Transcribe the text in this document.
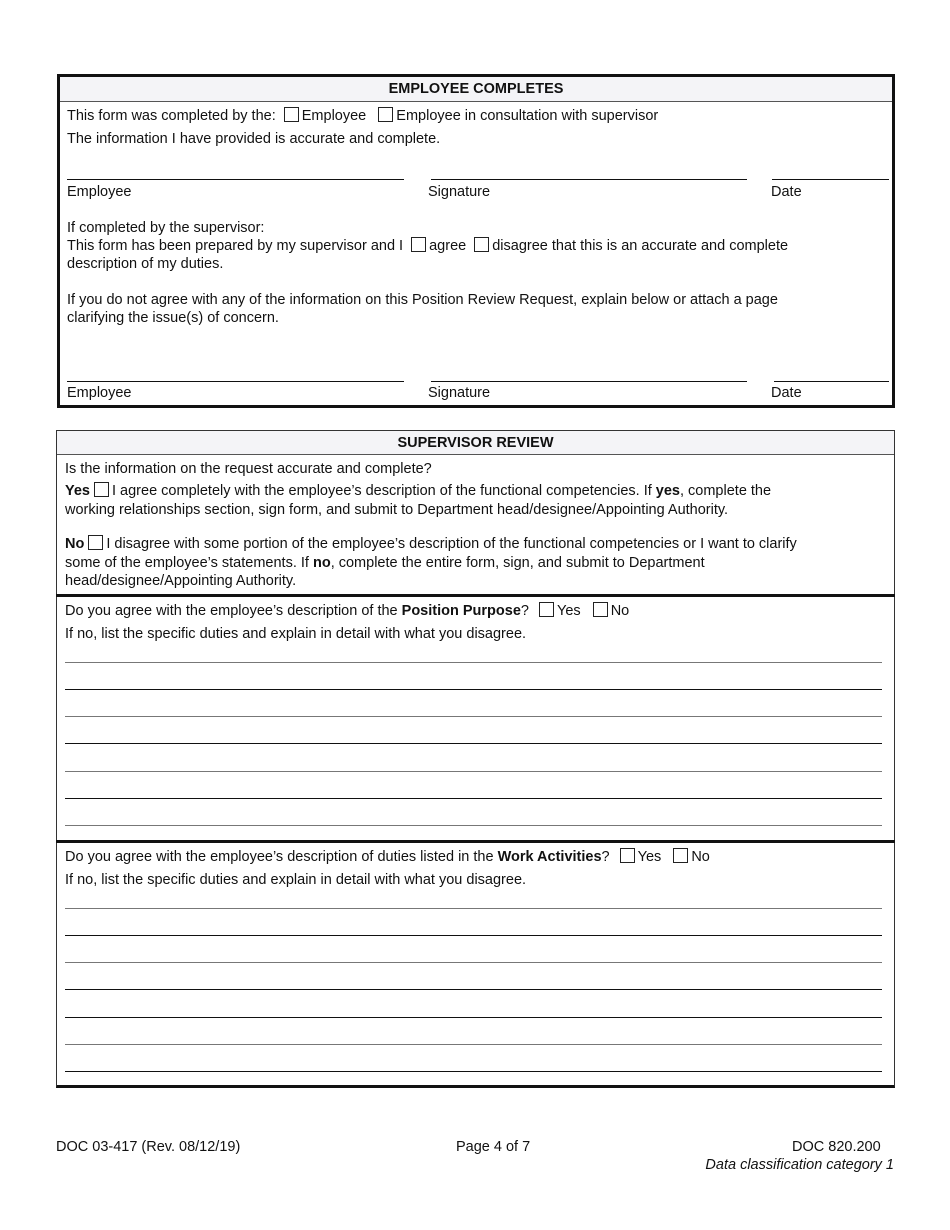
EMPLOYEE COMPLETES
This form was completed by the: Employee Employee in consultation with supervisor
The information I have provided is accurate and complete.
Employee	Signature	Date
If completed by the supervisor:
This form has been prepared by my supervisor and I agree disagree that this is an accurate and complete
description of my duties.
If you do not agree with any of the information on this Position Review Request, explain below or attach a page
clarifying the issue(s) of concern.
Employee	Signature	Date
SUPERVISOR REVIEW
Is the information on the request accurate and complete?
Yes I agree completely with the employee’s description of the functional competencies. If yes, complete the
working relationships section, sign form, and submit to Department head/designee/Appointing Authority.
No I disagree with some portion of the employee’s description of the functional competencies or I want to clarify
some of the employee’s statements. If no, complete the entire form, sign, and submit to Department
head/designee/Appointing Authority.
Do you agree with the employee’s description of the Position Purpose? Yes No
If no, list the specific duties and explain in detail with what you disagree.
Do you agree with the employee’s description of duties listed in the Work Activities? Yes No
If no, list the specific duties and explain in detail with what you disagree.
DOC 03-417 (Rev. 08/12/19)	Page 4 of 7	DOC 820.200
Data classification category 1
